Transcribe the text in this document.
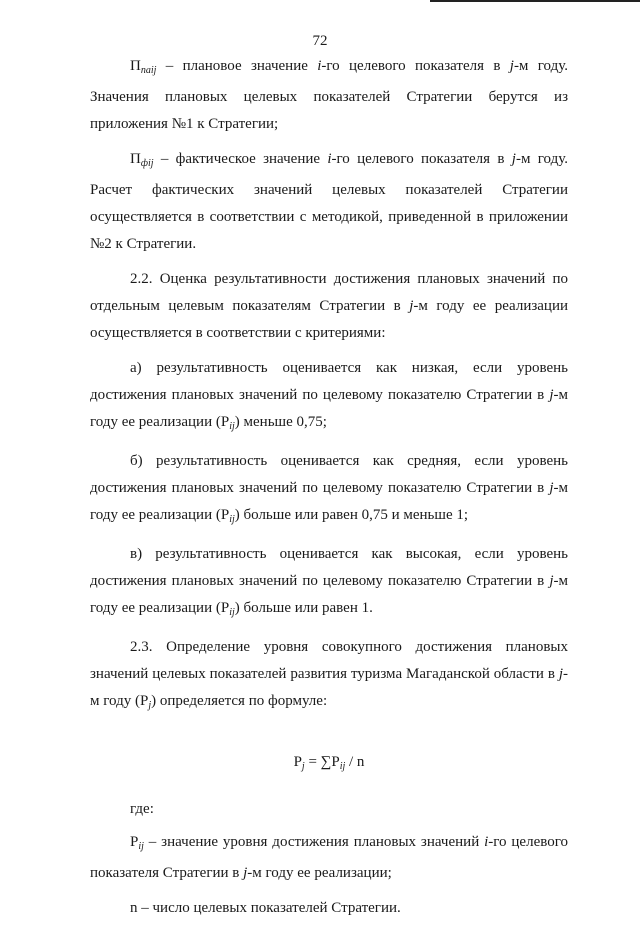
72

$П_{пaij}$ – плановое значение i-го целевого показателя в j-м году. Значения плановых целевых показателей Стратегии берутся из приложения №1 к Стратегии;

$П_{фij}$ – фактическое значение i-го целевого показателя в j-м году. Расчет фактических значений целевых показателей Стратегии осуществляется в соответствии с методикой, приведенной в приложении №2 к Стратегии.

2.2. Оценка результативности достижения плановых значений по отдельным целевым показателям Стратегии в j-м году ее реализации осуществляется в соответствии с критериями:

а) результативность оценивается как низкая, если уровень достижения плановых значений по целевому показателю Стратегии в j-м году ее реализации $(Р_{ij})$ меньше 0,75;

б) результативность оценивается как средняя, если уровень достижения плановых значений по целевому показателю Стратегии в j-м году ее реализации $(Р_{ij})$ больше или равен 0,75 и меньше 1;

в) результативность оценивается как высокая, если уровень достижения плановых значений по целевому показателю Стратегии в j-м году ее реализации $(Р_{ij})$ больше или равен 1.

2.3. Определение уровня совокупного достижения плановых значений целевых показателей развития туризма Магаданской области в j-м году $(Р_j)$ определяется по формуле:

$Р_j = \sum Р_{ij} / n$

где:

$Р_{ij}$ – значение уровня достижения плановых значений i-го целевого показателя Стратегии в j-м году ее реализации;

n – число целевых показателей Стратегии.
